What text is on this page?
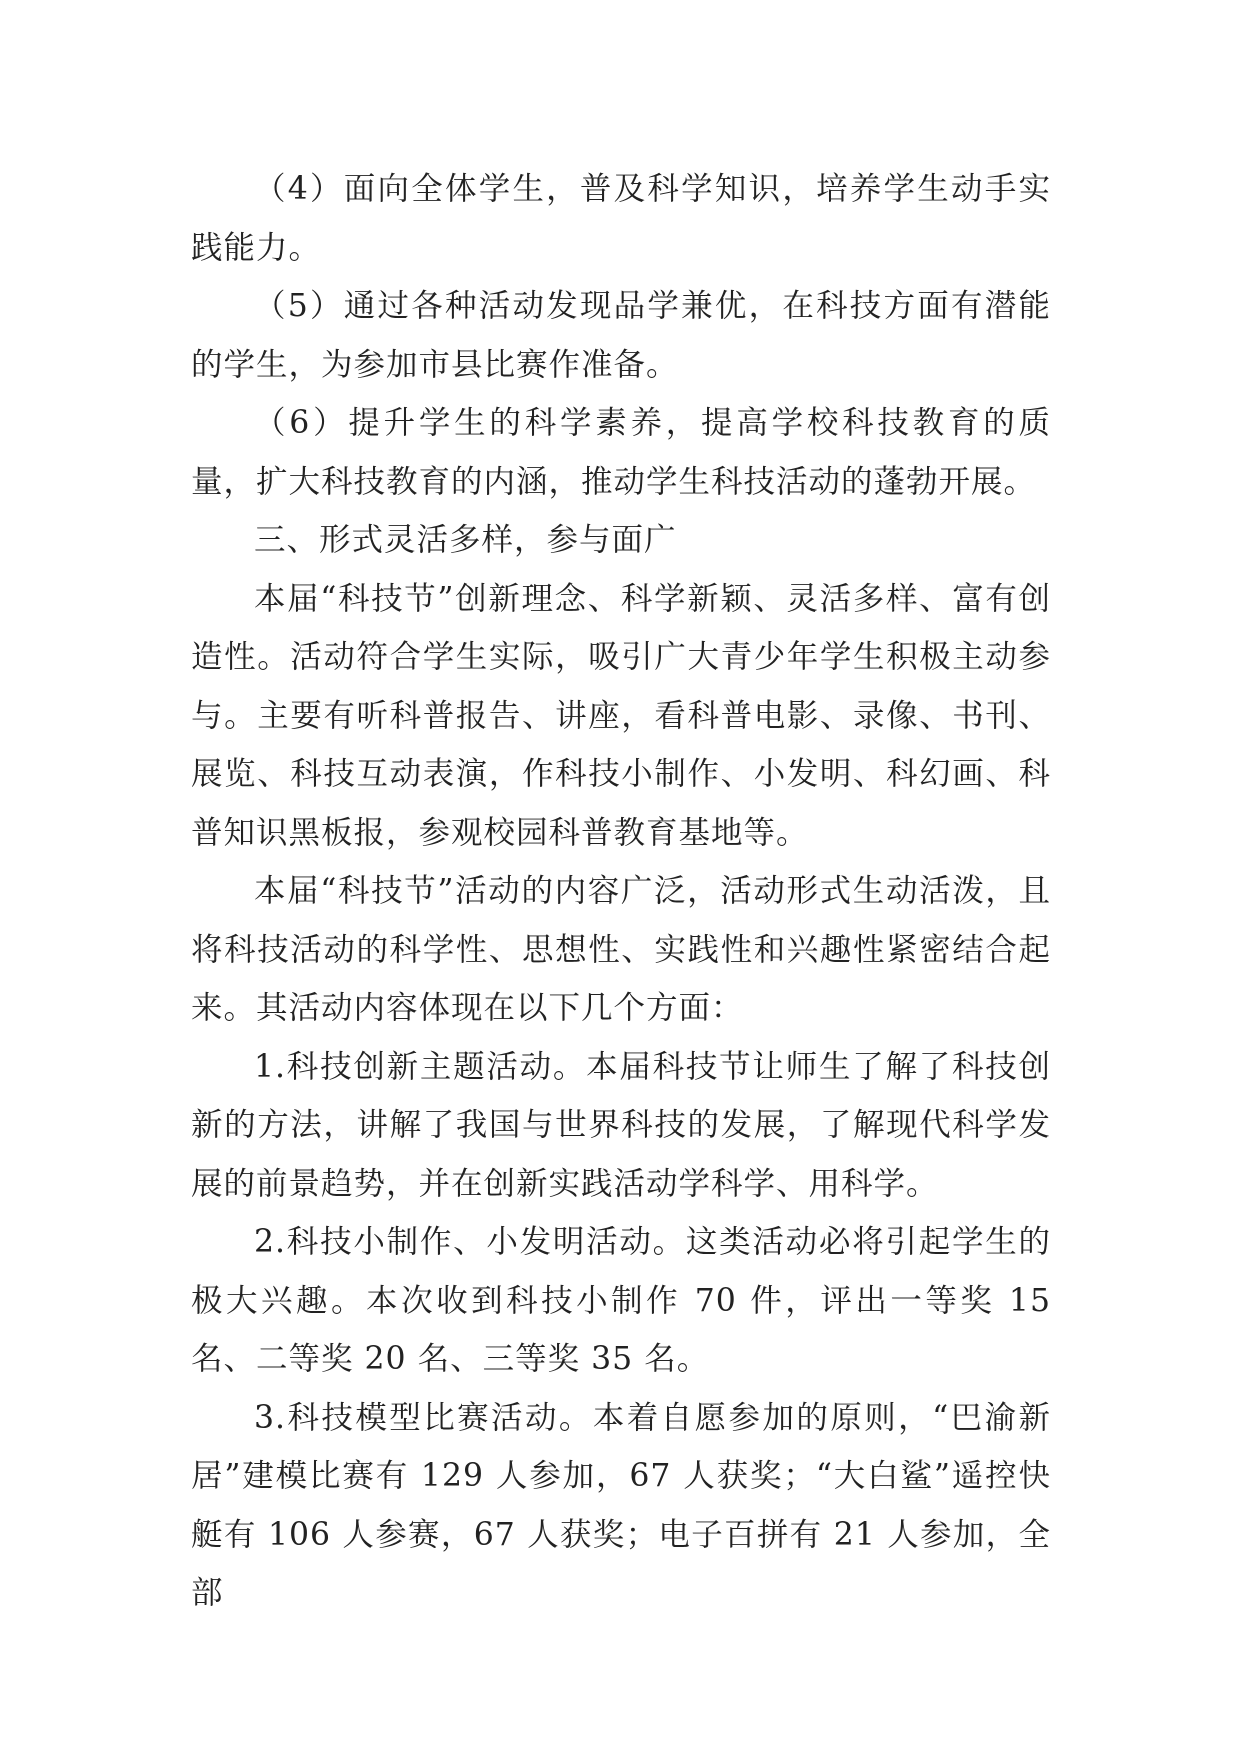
（4）面向全体学生，普及科学知识，培养学生动手实践能力。

（5）通过各种活动发现品学兼优，在科技方面有潜能的学生，为参加市县比赛作准备。

（6）提升学生的科学素养，提高学校科技教育的质量，扩大科技教育的内涵，推动学生科技活动的蓬勃开展。

三、形式灵活多样，参与面广

本届“科技节”创新理念、科学新颖、灵活多样、富有创造性。活动符合学生实际，吸引广大青少年学生积极主动参与。主要有听科普报告、讲座，看科普电影、录像、书刊、展览、科技互动表演，作科技小制作、小发明、科幻画、科普知识黑板报，参观校园科普教育基地等。

本届“科技节”活动的内容广泛，活动形式生动活泼，且将科技活动的科学性、思想性、实践性和兴趣性紧密结合起来。其活动内容体现在以下几个方面：

1.科技创新主题活动。本届科技节让师生了解了科技创新的方法，讲解了我国与世界科技的发展，了解现代科学发展的前景趋势，并在创新实践活动学科学、用科学。

2.科技小制作、小发明活动。这类活动必将引起学生的极大兴趣。本次收到科技小制作 70 件，评出一等奖 15 名、二等奖 20 名、三等奖 35 名。

3.科技模型比赛活动。本着自愿参加的原则，“巴渝新居”建模比赛有 129 人参加，67 人获奖；“大白鲨”遥控快艇有 106 人参赛，67 人获奖；电子百拼有 21 人参加，全部
